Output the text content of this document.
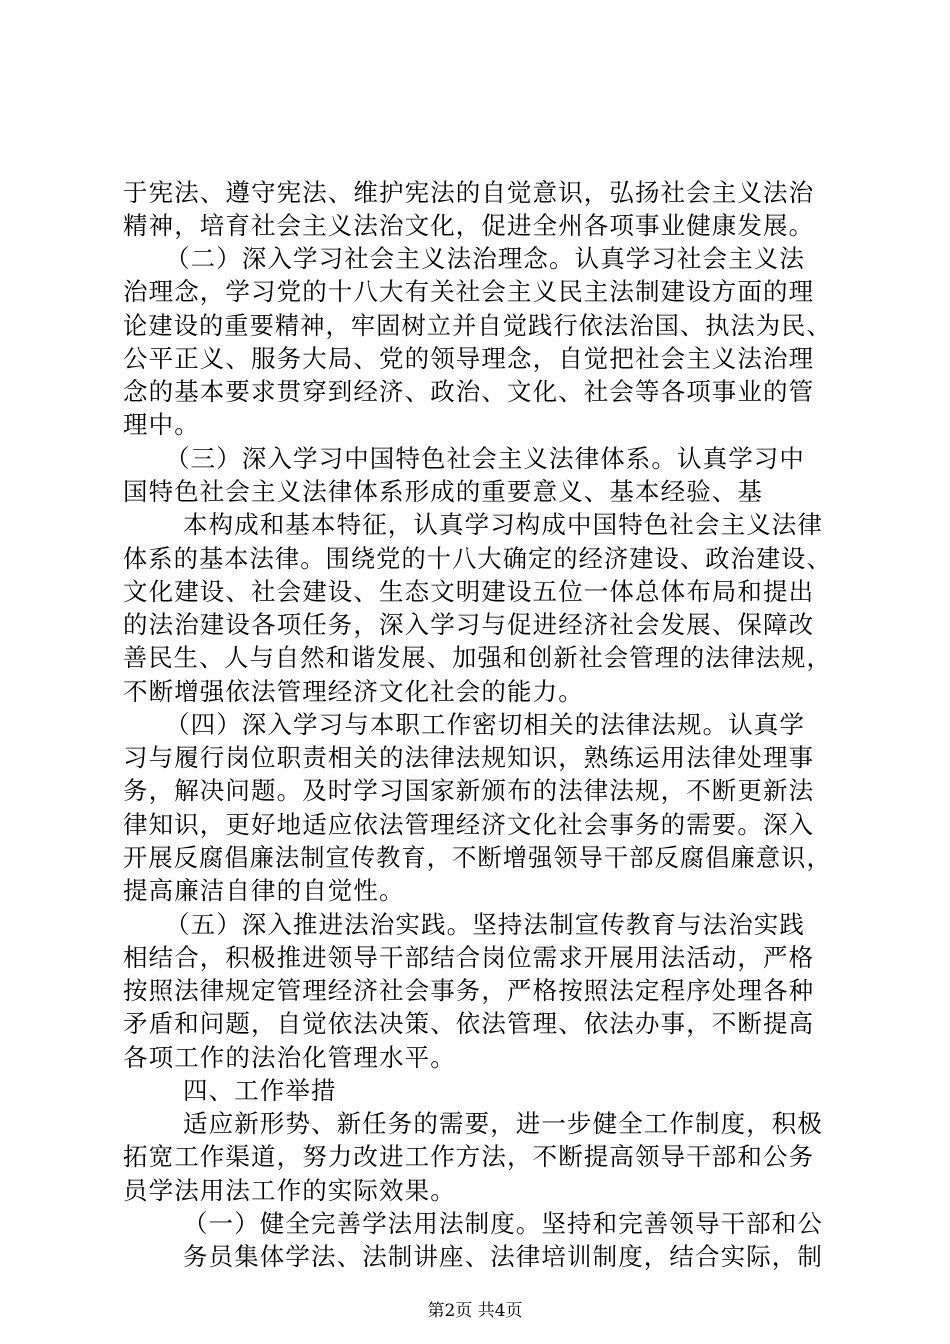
于宪法、遵守宪法、维护宪法的自觉意识，弘扬社会主义法治
精神，培育社会主义法治文化，促进全州各项事业健康发展。
（二）深入学习社会主义法治理念。认真学习社会主义法
治理念，学习党的十八大有关社会主义民主法制建设方面的理
论建设的重要精神，牢固树立并自觉践行依法治国、执法为民、
公平正义、服务大局、党的领导理念，自觉把社会主义法治理
念的基本要求贯穿到经济、政治、文化、社会等各项事业的管
理中。
（三）深入学习中国特色社会主义法律体系。认真学习中
国特色社会主义法律体系形成的重要意义、基本经验、基
本构成和基本特征，认真学习构成中国特色社会主义法律
体系的基本法律。围绕党的十八大确定的经济建设、政治建设、
文化建设、社会建设、生态文明建设五位一体总体布局和提出
的法治建设各项任务，深入学习与促进经济社会发展、保障改
善民生、人与自然和谐发展、加强和创新社会管理的法律法规，
不断增强依法管理经济文化社会的能力。
（四）深入学习与本职工作密切相关的法律法规。认真学
习与履行岗位职责相关的法律法规知识，熟练运用法律处理事
务，解决问题。及时学习国家新颁布的法律法规，不断更新法
律知识，更好地适应依法管理经济文化社会事务的需要。深入
开展反腐倡廉法制宣传教育，不断增强领导干部反腐倡廉意识，
提高廉洁自律的自觉性。
（五）深入推进法治实践。坚持法制宣传教育与法治实践
相结合，积极推进领导干部结合岗位需求开展用法活动，严格
按照法律规定管理经济社会事务，严格按照法定程序处理各种
矛盾和问题，自觉依法决策、依法管理、依法办事，不断提高
各项工作的法治化管理水平。
四、工作举措
适应新形势、新任务的需要，进一步健全工作制度，积极
拓宽工作渠道，努力改进工作方法，不断提高领导干部和公务
员学法用法工作的实际效果。
（一）健全完善学法用法制度。坚持和完善领导干部和公
务员集体学法、法制讲座、法律培训制度，结合实际，制
第2页 共4页
